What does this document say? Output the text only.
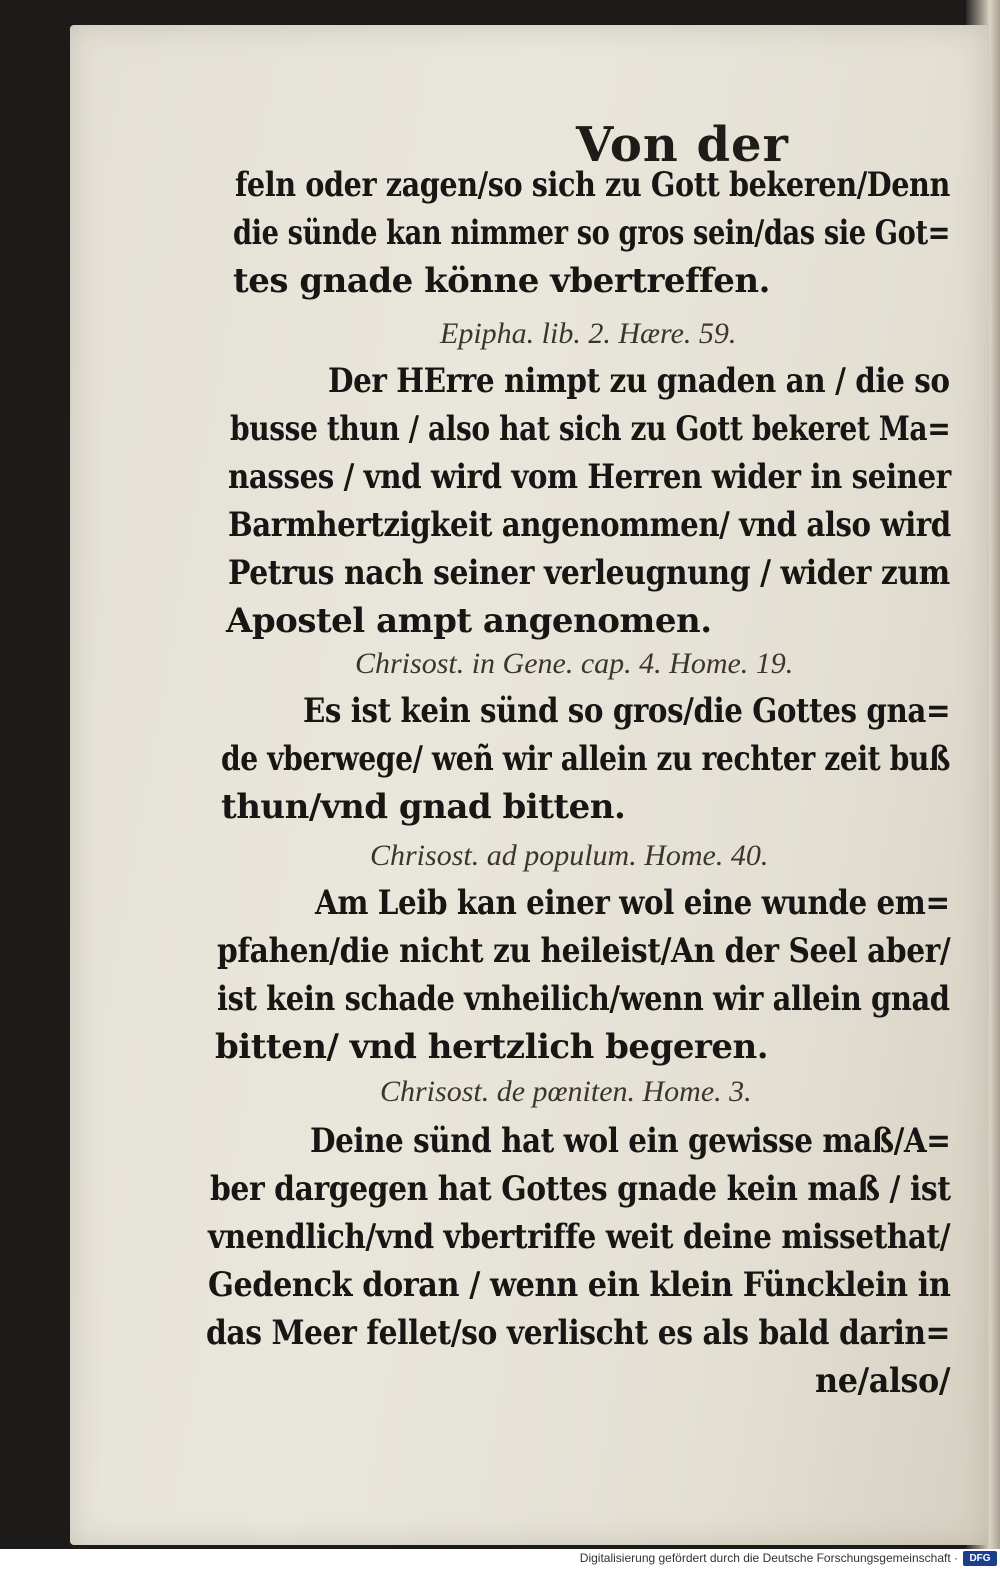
Von der
feln oder zagen/so sich zu Gott bekeren/Denn
die sünde kan nimmer so gros sein/das sie Got=
tes gnade könne vbertreffen.
Epipha. lib. 2. Hære. 59.
Der HErre nimpt zu gnaden an / die so
busse thun / also hat sich zu Gott bekeret Ma=
nasses / vnd wird vom Herren wider in seiner
Barmhertzigkeit angenommen/ vnd also wird
Petrus nach seiner verleugnung / wider zum
Apostel ampt angenomen.
Chrisost. in Gene. cap. 4. Home. 19.
Es ist kein sünd so gros/die Gottes gna=
de vberwege/ weñ wir allein zu rechter zeit buß
thun/vnd gnad bitten.
Chrisost. ad populum. Home. 40.
Am Leib kan einer wol eine wunde em=
pfahen/die nicht zu heileist/An der Seel aber/
ist kein schade vnheilich/wenn wir allein gnad
bitten/ vnd hertzlich begeren.
Chrisost. de pœniten. Home. 3.
Deine sünd hat wol ein gewisse maß/A=
ber dargegen hat Gottes gnade kein maß / ist
vnendlich/vnd vbertriffe weit deine missethat/
Gedenck doran / wenn ein klein Füncklein in
das Meer fellet/so verlischt es als bald darin=
ne/also/
Digitalisierung gefördert durch die Deutsche Forschungsgemeinschaft ·	DFG
